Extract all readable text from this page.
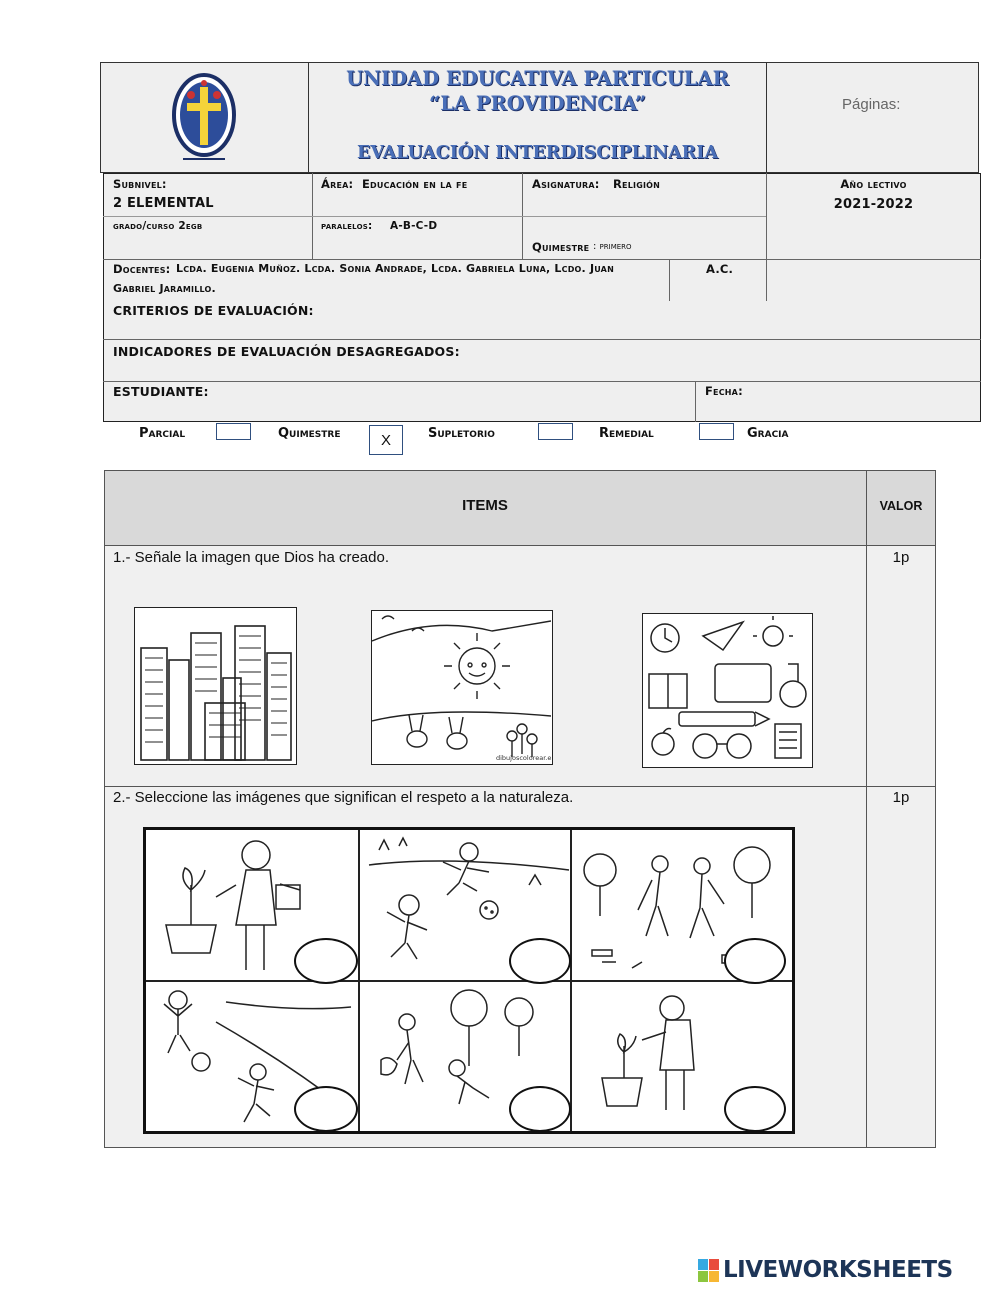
UNIDAD EDUCATIVA PARTICULAR
“LA PROVIDENCIA”
EVALUACIÓN INTERDISCIPLINARIA
Páginas:
Subnivel:
2 ELEMENTAL
Área: Educación en la fe	Asignatura: Religión	Año lectivo
2021-2022
grado/curso 2egb	paralelos: A-B-C-D
Quimestre : primero
Docentes: Lcda. Eugenia Muñoz. Lcda. Sonia Andrade, Lcda. Gabriela Luna, Lcdo. Juan
Gabriel Jaramillo.
A.C.
CRITERIOS DE EVALUACIÓN:
INDICADORES DE EVALUACIÓN DESAGREGADOS:
ESTUDIANTE:	Fecha:
Parcial	Quimestre	X	Supletorio	Remedial	Gracia
ITEMS	VALOR
1.- Señale la imagen que Dios ha creado.	1p
dibujoscolorear.es
2.- Seleccione las imágenes que significan el respeto a la naturaleza.	1p
LIVEWORKSHEETS
